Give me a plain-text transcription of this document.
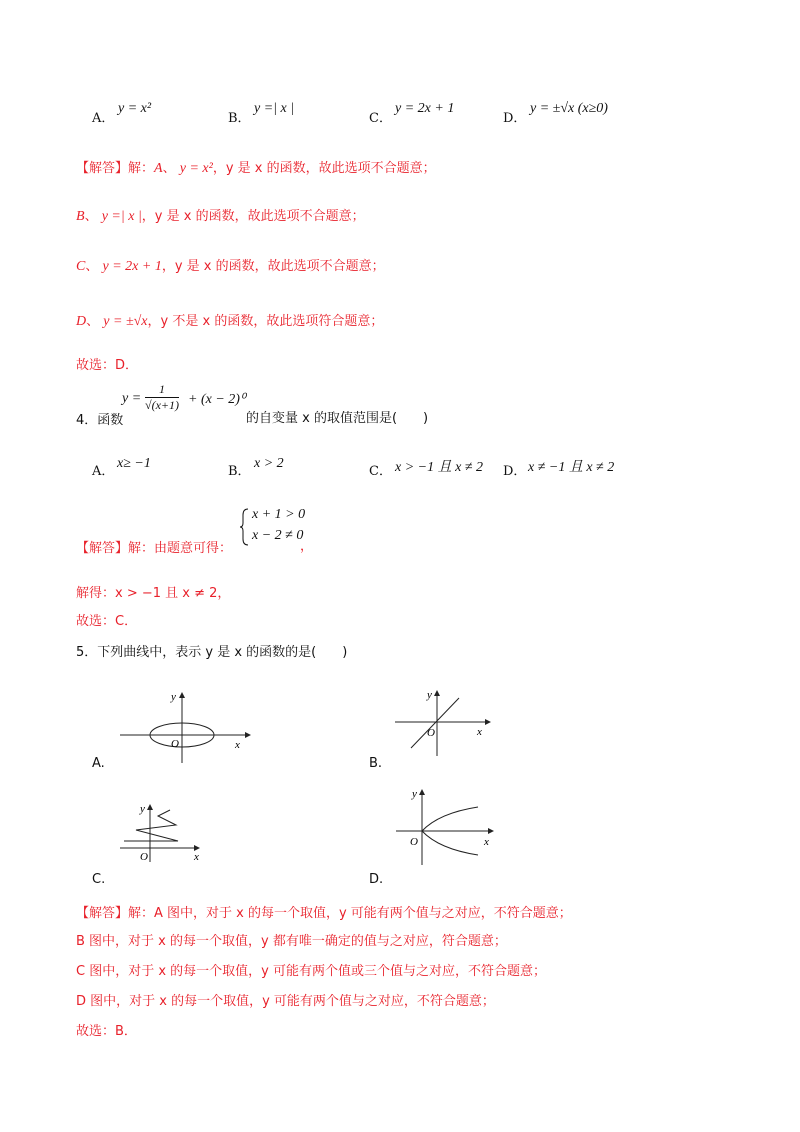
A．
y = x²
B．
y =| x |
C．
y = 2x + 1
D．
y = ±√x (x≥0)
【解答】解：A、 y = x²，y 是 x 的函数，故此选项不合题意；
B、 y =| x |，y 是 x 的函数，故此选项不合题意；
C、 y = 2x + 1，y 是 x 的函数，故此选项不合题意；
D、 y = ±√x，y 不是 x 的函数，故此选项符合题意；
故选：D．
4．函数
$y = \frac{1}{√(x+1)} + (x - 2)^0$
的自变量 x 的取值范围是(　　)
A．
x≥ −1
B．
x > 2
C． x > −1 且 x ≠ 2 D． x ≠ −1 且 x ≠ 2
【解答】解：由题意可得：
x + 1 > 0
x − 2 ≠ 0
，
解得：x > −1 且 x ≠ 2，
故选：C．
5．下列曲线中，表示 y 是 x 的函数的是(　　)
x
y
O
A.
x
y
O
B.
x
y
O
C.
x
y
O
D.
【解答】解：A 图中，对于 x 的每一个取值，y 可能有两个值与之对应，不符合题意；
B 图中，对于 x 的每一个取值，y 都有唯一确定的值与之对应，符合题意；
C 图中，对于 x 的每一个取值，y 可能有两个值或三个值与之对应，不符合题意；
D 图中，对于 x 的每一个取值，y 可能有两个值与之对应，不符合题意；
故选：B．
